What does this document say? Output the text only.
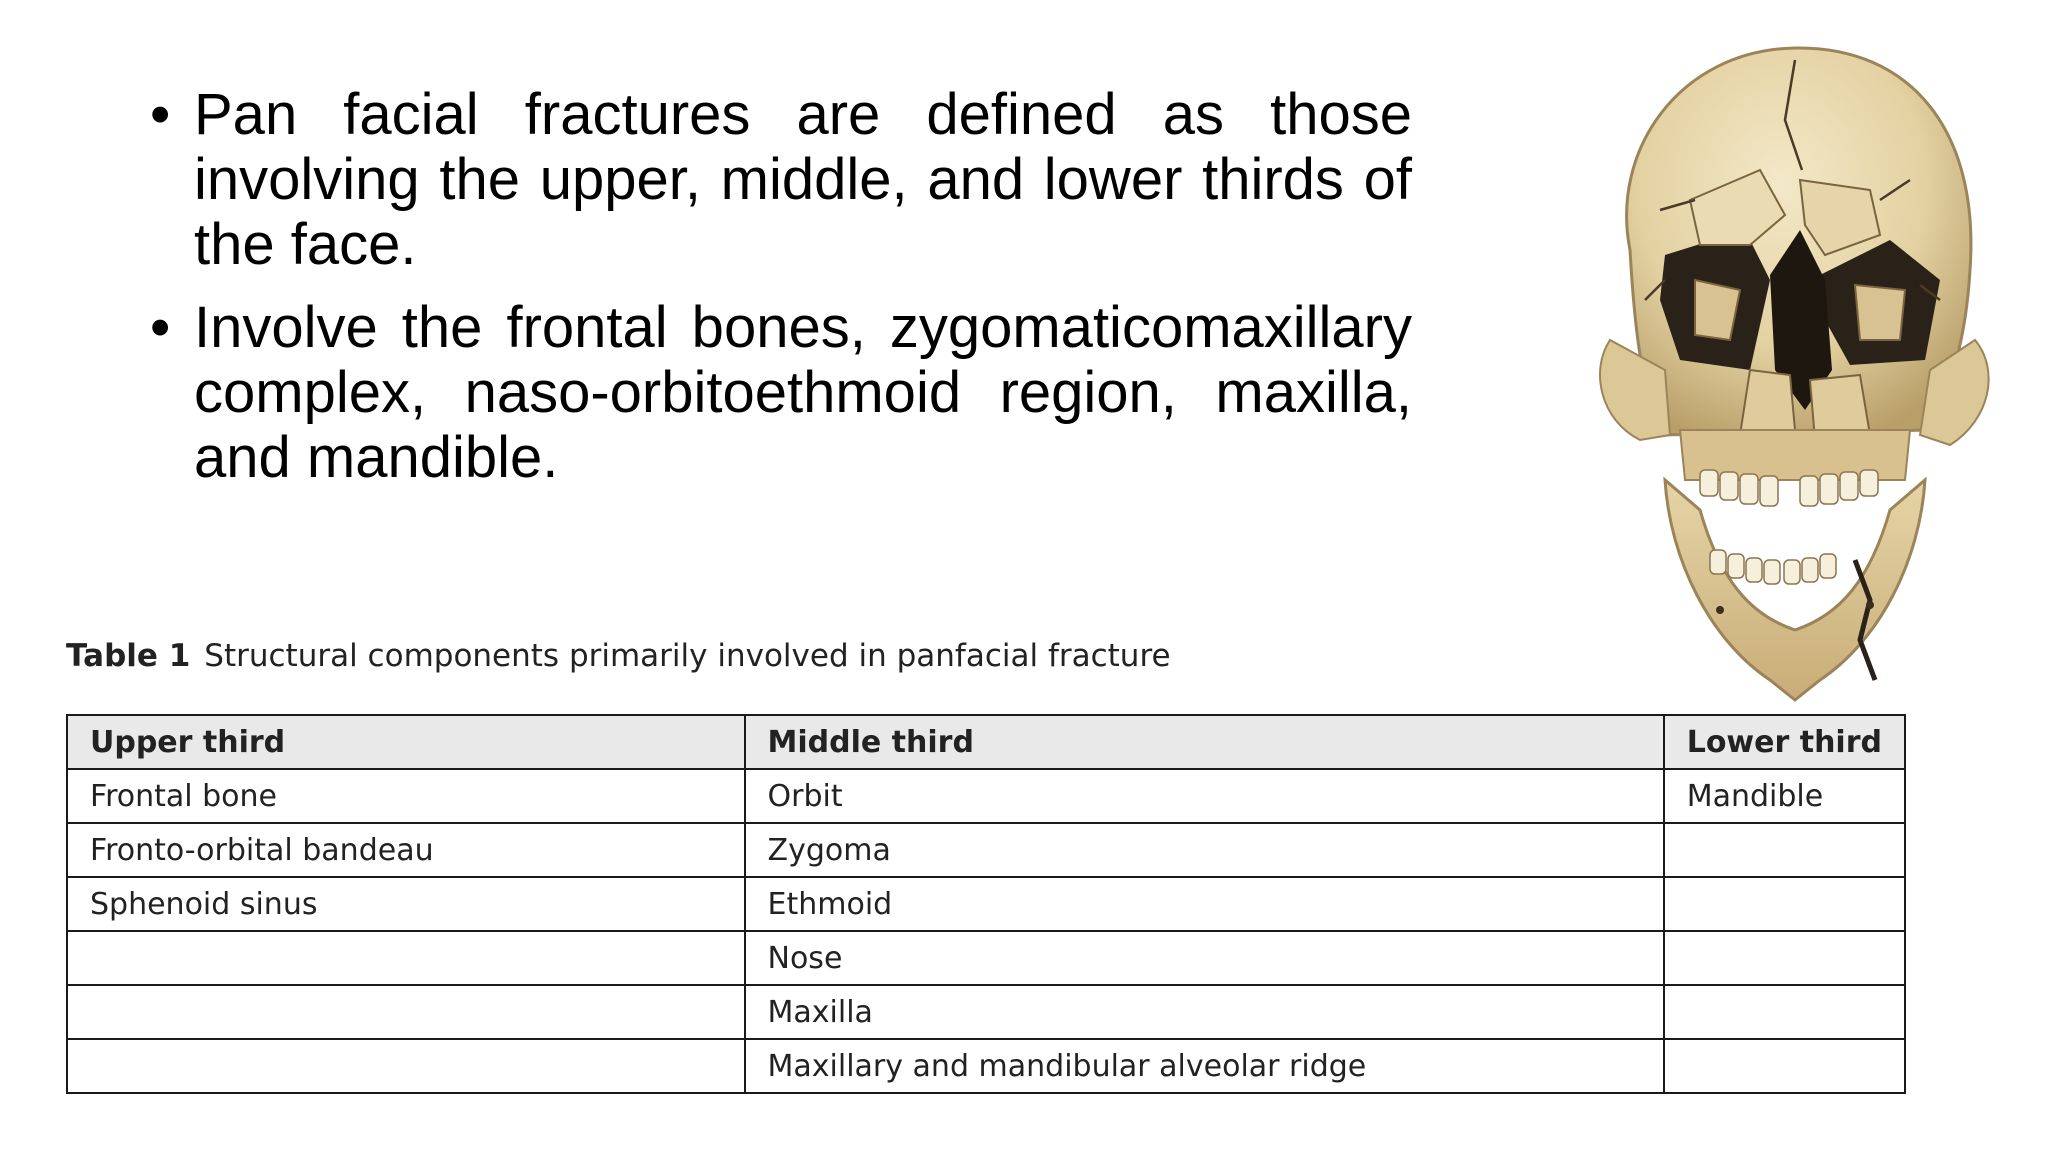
• Pan facial fractures are defined as those involving the upper, middle, and lower thirds of the face.
• Involve the frontal bones, zygomaticomaxillary complex, naso-orbitoethmoid region, maxilla, and mandible.
Table 1 Structural components primarily involved in panfacial fracture
Upper third	Middle third	Lower third
Frontal bone	Orbit	Mandible
Fronto-orbital bandeau	Zygoma	
Sphenoid sinus	Ethmoid	
	Nose	
	Maxilla	
	Maxillary and mandibular alveolar ridge	
